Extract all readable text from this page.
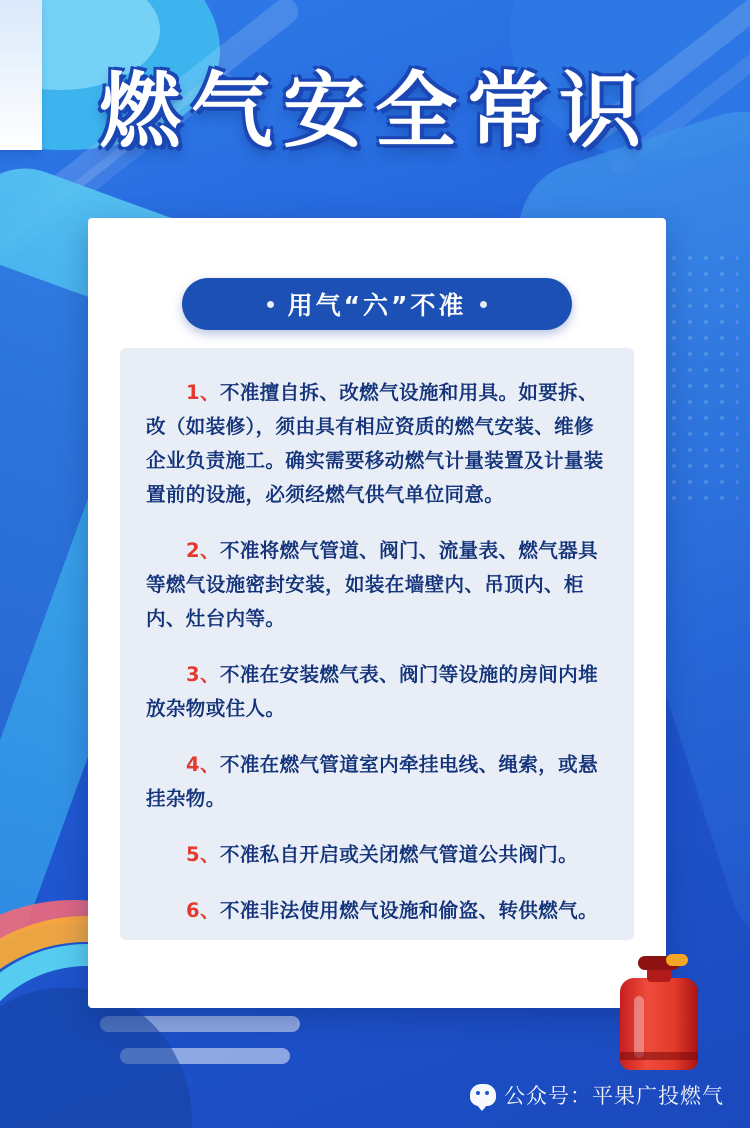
燃气安全常识
用气“六”不准

1、不准擅自拆、改燃气设施和用具。如要拆、改（如装修），须由具有相应资质的燃气安装、维修企业负责施工。确实需要移动燃气计量装置及计量装置前的设施，必须经燃气供气单位同意。

2、不准将燃气管道、阀门、流量表、燃气器具等燃气设施密封安装，如装在墙壁内、吊顶内、柜内、灶台内等。

3、不准在安装燃气表、阀门等设施的房间内堆放杂物或住人。

4、不准在燃气管道室内牵挂电线、绳索，或悬挂杂物。

5、不准私自开启或关闭燃气管道公共阀门。

6、不准非法使用燃气设施和偷盗、转供燃气。

公众号：平果广投燃气
